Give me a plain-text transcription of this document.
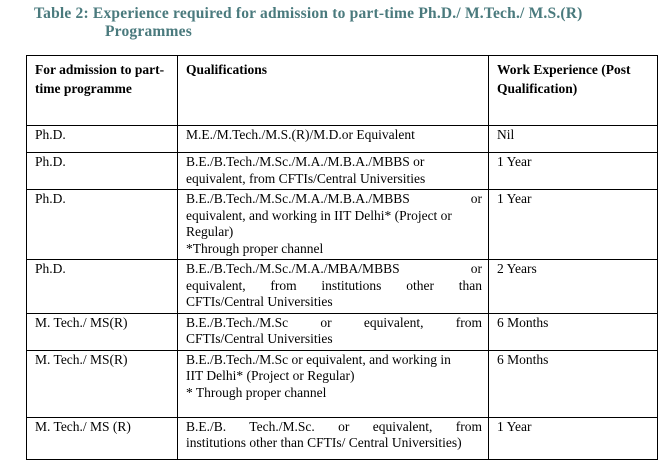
Table 2: Experience required for admission to part-time Ph.D./ M.Tech./ M.S.(R)
Programmes
For admission to part-time programme	Qualifications	Work Experience (Post Qualification)
Ph.D.	M.E./M.Tech./M.S.(R)/M.D.or Equivalent	Nil
Ph.D.	B.E./B.Tech./M.Sc./M.A./M.B.A./MBBS or
equivalent, from CFTIs/Central Universities	1 Year
Ph.D.	B.E./B.Tech./M.Sc./M.A./M.B.A./MBBS or
equivalent, and working in IIT Delhi* (Project or
Regular)
*Through proper channel	1 Year
Ph.D.	B.E./B.Tech./M.Sc./M.A./MBA/MBBS or
equivalent, from institutions other than
CFTIs/Central Universities	2 Years
M. Tech./ MS(R)	B.E./B.Tech./M.Sc or equivalent, from
CFTIs/Central Universities	6 Months
M. Tech./ MS(R)	B.E./B.Tech./M.Sc or equivalent, and working in
IIT Delhi* (Project or Regular)
* Through proper channel	6 Months
M. Tech./ MS (R)	B.E./B. Tech./M.Sc. or equivalent, from
institutions other than CFTIs/ Central Universities)	1 Year
